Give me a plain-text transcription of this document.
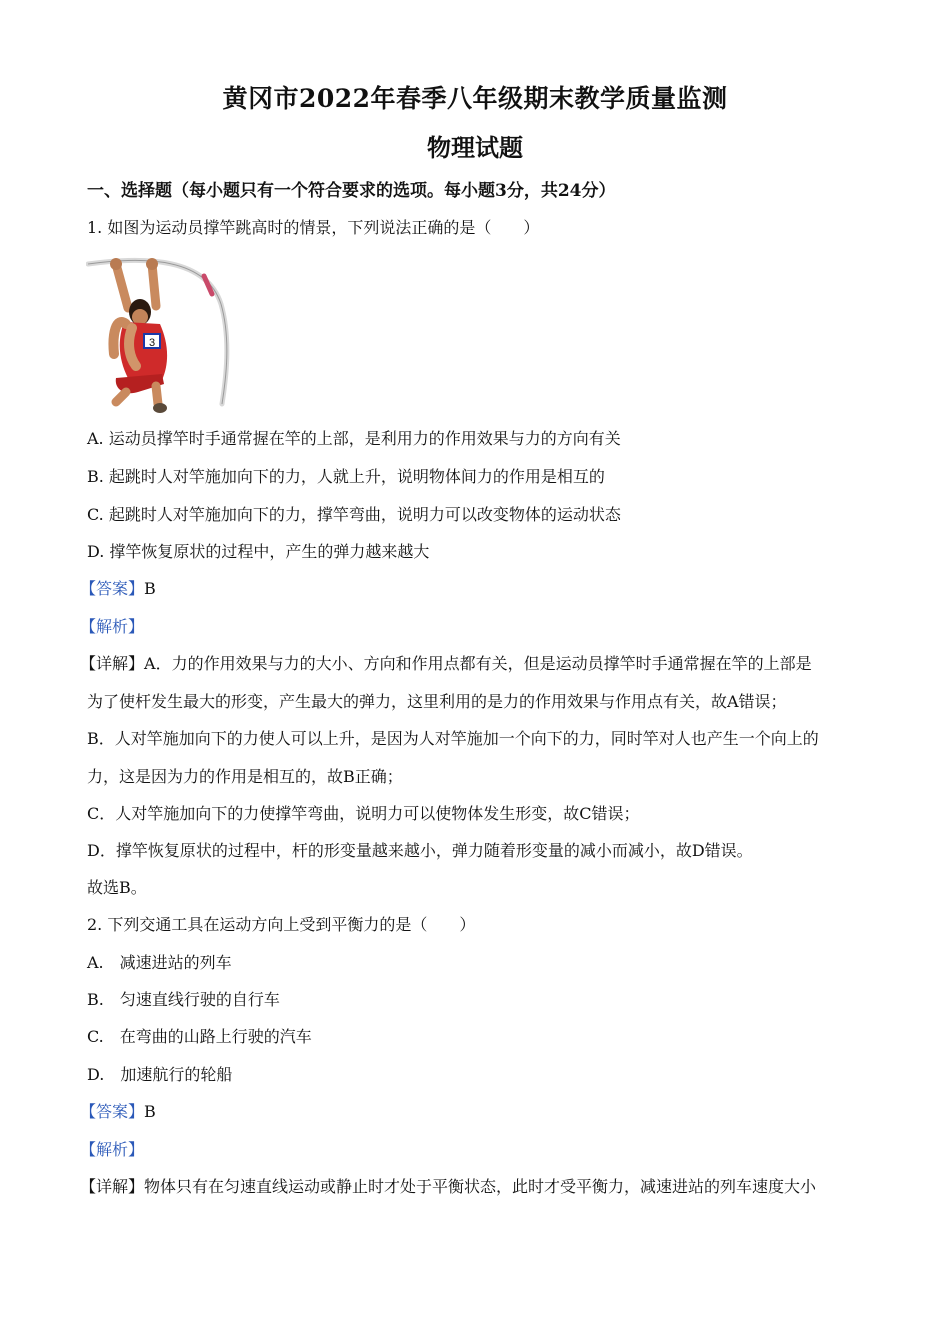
黄冈市2022年春季八年级期末教学质量监测
物理试题
一、选择题（每小题只有一个符合要求的选项。每小题3分，共24分）
1. 如图为运动员撑竿跳高时的情景，下列说法正确的是（　　）
3
A. 运动员撑竿时手通常握在竿的上部，是利用力的作用效果与力的方向有关
B. 起跳时人对竿施加向下的力，人就上升，说明物体间力的作用是相互的
C. 起跳时人对竿施加向下的力，撑竿弯曲，说明力可以改变物体的运动状态
D. 撑竿恢复原状的过程中，产生的弹力越来越大
【答案】B
【解析】
【详解】A．力的作用效果与力的大小、方向和作用点都有关，但是运动员撑竿时手通常握在竿的上部是
为了使杆发生最大的形变，产生最大的弹力，这里利用的是力的作用效果与作用点有关，故A错误；
B．人对竿施加向下的力使人可以上升，是因为人对竿施加一个向下的力，同时竿对人也产生一个向上的
力，这是因为力的作用是相互的，故B正确；
C．人对竿施加向下的力使撑竿弯曲，说明力可以使物体发生形变，故C错误；
D．撑竿恢复原状的过程中，杆的形变量越来越小，弹力随着形变量的减小而减小，故D错误。
故选B。
2. 下列交通工具在运动方向上受到平衡力的是（　　）
A.　减速进站的列车
B.　匀速直线行驶的自行车
C.　在弯曲的山路上行驶的汽车
D.　加速航行的轮船
【答案】B
【解析】
【详解】物体只有在匀速直线运动或静止时才处于平衡状态，此时才受平衡力，减速进站的列车速度大小
